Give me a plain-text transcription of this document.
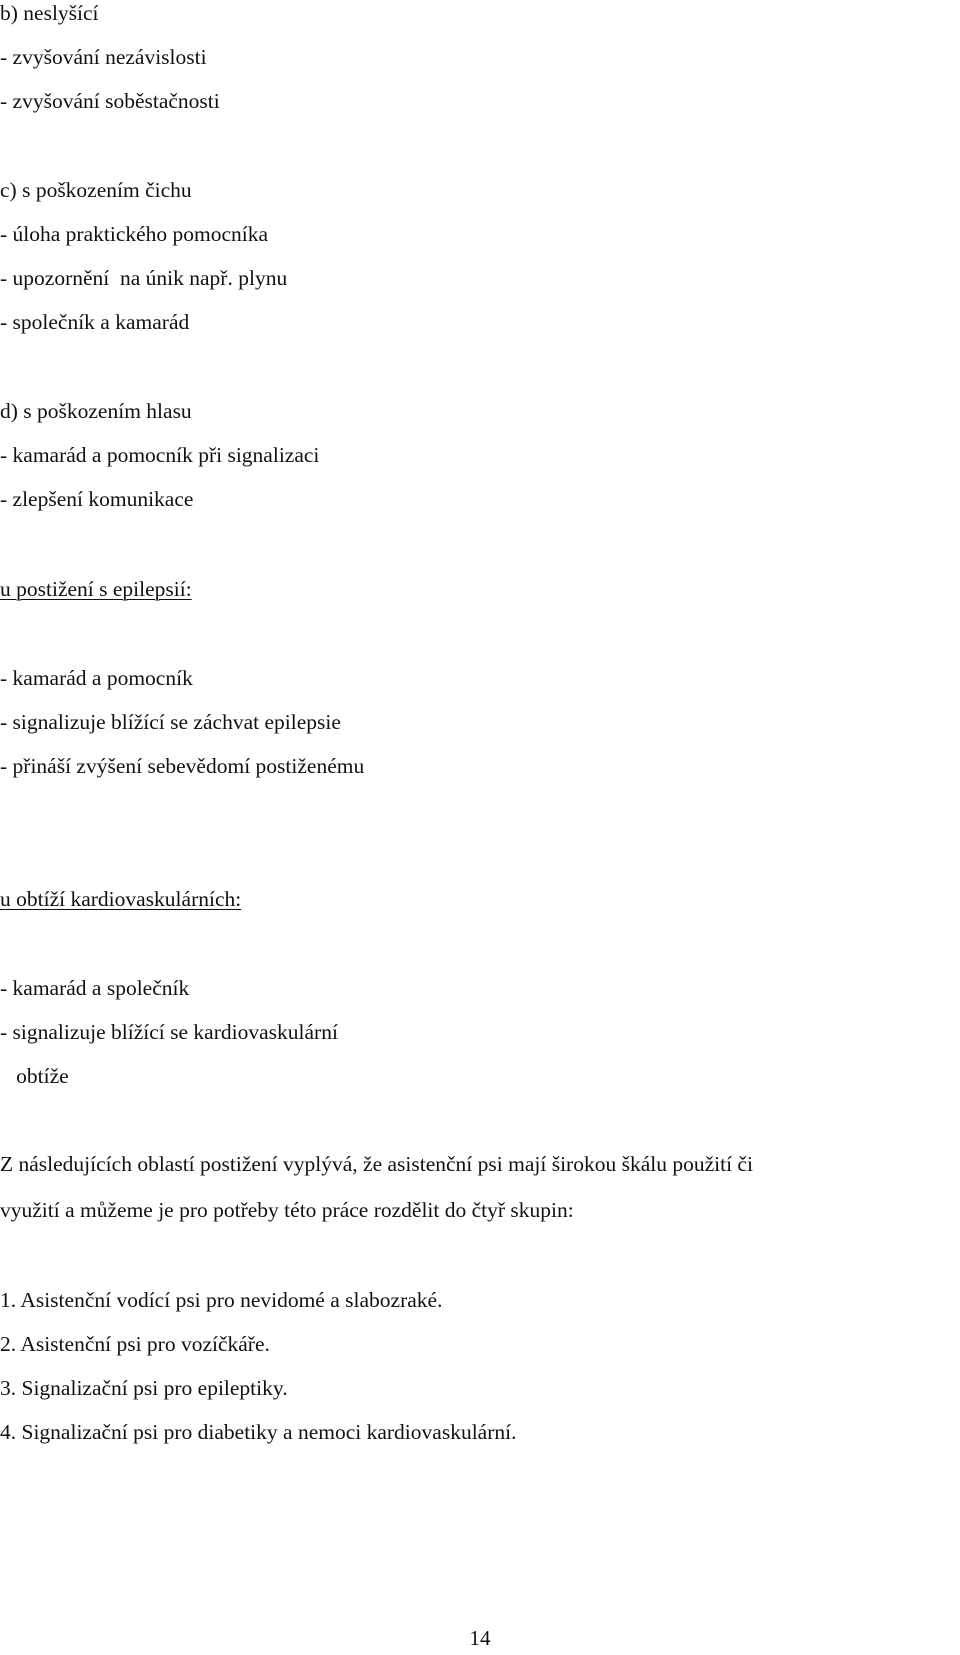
b) neslyšící

- zvyšování nezávislosti

- zvyšování soběstačnosti

c) s poškozením čichu

- úloha praktického pomocníka

- upozornění  na únik např. plynu

- společník a kamarád

d) s poškozením hlasu

- kamarád a pomocník při signalizaci

- zlepšení komunikace

u postižení s epilepsií:

- kamarád a pomocník

- signalizuje blížící se záchvat epilepsie

- přináší zvýšení sebevědomí postiženému

u obtíží kardiovaskulárních:

- kamarád a společník

- signalizuje blížící se kardiovaskulární

obtíže

Z následujících oblastí postižení vyplývá, že asistenční psi mají širokou škálu použití či

využití a můžeme je pro potřeby této práce rozdělit do čtyř skupin:

1. Asistenční vodící psi pro nevidomé a slabozraké.

2. Asistenční psi pro vozíčkáře.

3. Signalizační psi pro epileptiky.

4. Signalizační psi pro diabetiky a nemoci kardiovaskulární.

14
